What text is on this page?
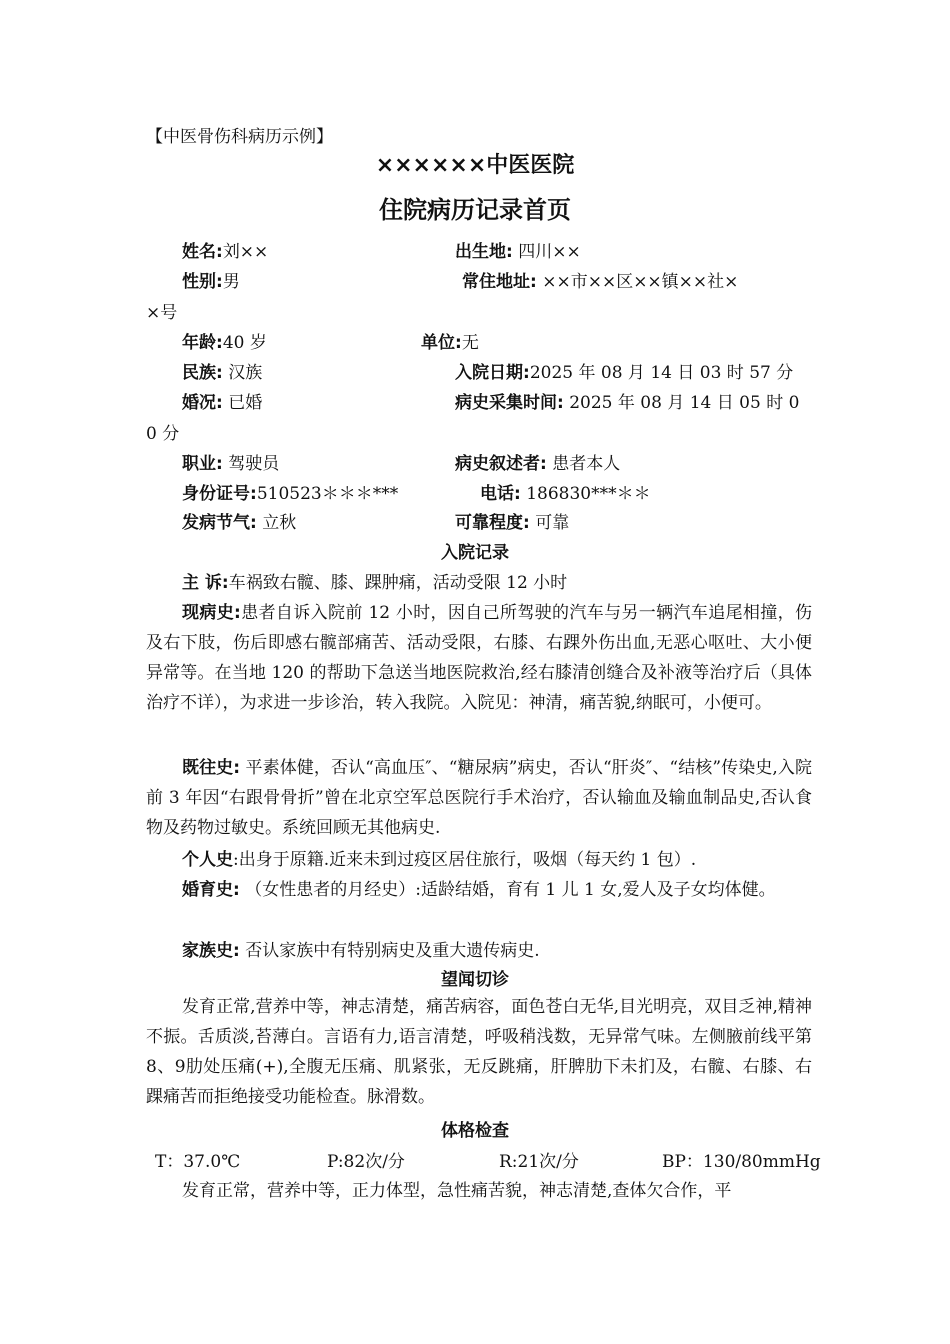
【中医骨伤科病历示例】
××××××中医医院
住院病历记录首页
姓名:刘××	出生地: 四川××
性别:男	常住地址: ××市××区××镇××社×
×号
年龄:40 岁	单位:无
民族: 汉族	入院日期:2025 年 08 月 14 日 03 时 57 分
婚况: 已婚	病史采集时间: 2025 年 08 月 14 日 05 时 0
0 分
职业: 驾驶员	病史叙述者: 患者本人
身份证号:510523＊＊＊***	电话: 186830***＊＊
发病节气: 立秋	可靠程度: 可靠
入院记录
主 诉:车祸致右髋、膝、踝肿痛，活动受限 12 小时
现病史:患者自诉入院前 12 小时，因自己所驾驶的汽车与另一辆汽车追尾相撞，伤及右下肢，伤后即感右髋部痛苦、活动受限，右膝、右踝外伤出血,无恶心呕吐、大小便异常等。在当地 120 的帮助下急送当地医院救治,经右膝清创缝合及补液等治疗后（具体治疗不详），为求进一步诊治，转入我院。入院见：神清，痛苦貌,纳眠可，小便可。
既往史: 平素体健，否认“高血压″、“糖尿病”病史，否认“肝炎″、“结核”传染史,入院前 3 年因“右跟骨骨折”曾在北京空军总医院行手术治疗，否认输血及输血制品史,否认食物及药物过敏史。系统回顾无其他病史.
个人史:出身于原籍.近来未到过疫区居住旅行，吸烟（每天约 1 包）.
婚育史: （女性患者的月经史）:适龄结婚，育有 1 儿 1 女,爱人及子女均体健。
家族史: 否认家族中有特别病史及重大遗传病史.
望闻切诊
发育正常,营养中等，神志清楚，痛苦病容，面色苍白无华,目光明亮，双目乏神,精神不振。舌质淡,苔薄白。言语有力,语言清楚，呼吸稍浅数，无异常气味。左侧腋前线平第8、9肋处压痛(+),全腹无压痛、肌紧张，无反跳痛，肝脾肋下未扪及，右髋、右膝、右踝痛苦而拒绝接受功能检查。脉滑数。
体格检查
T：37.0℃	P:82次/分	R:21次/分	BP：130/80mmHg
发育正常，营养中等，正力体型，急性痛苦貌，神志清楚,查体欠合作，平
